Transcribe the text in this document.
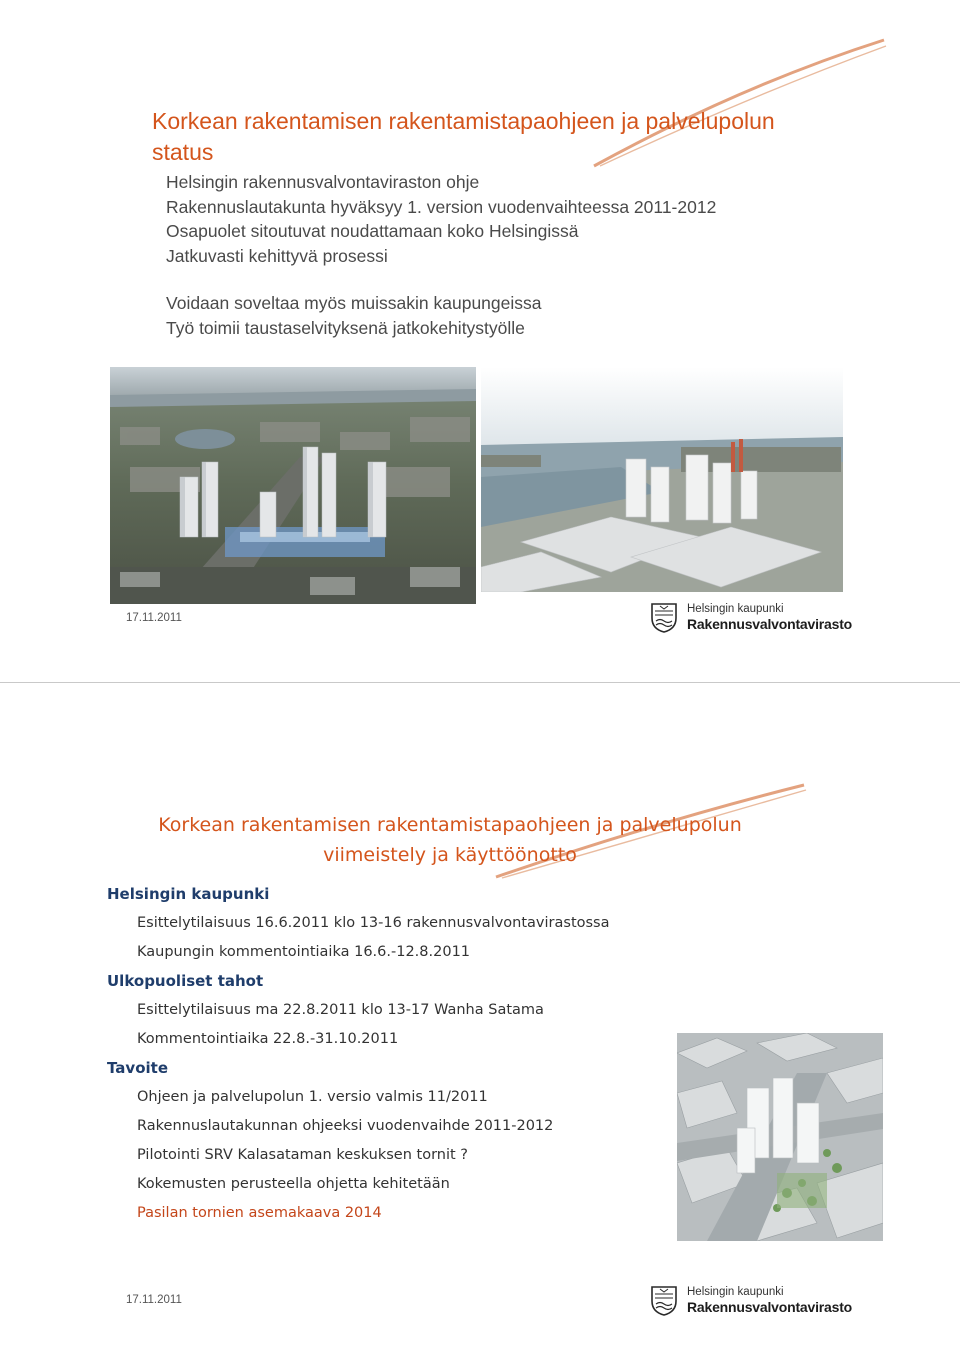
Korkean rakentamisen rakentamistapaohjeen ja palvelupolun status
Helsingin rakennusvalvontaviraston ohje
Rakennuslautakunta hyväksyy 1. version vuodenvaihteessa 2011-2012
Osapuolet sitoutuvat noudattamaan koko Helsingissä
Jatkuvasti kehittyvä prosessi
Voidaan soveltaa myös muissakin kaupungeissa
Työ toimii taustaselvityksenä jatkokehitystyölle
17.11.2011
Helsingin kaupunki
Rakennusvalvontavirasto
Korkean rakentamisen rakentamistapaohjeen ja palvelupolun
viimeistely ja käyttöönotto
Helsingin kaupunki
Esittelytilaisuus 16.6.2011 klo 13-16 rakennusvalvontavirastossa
Kaupungin kommentointiaika 16.6.-12.8.2011
Ulkopuoliset tahot
Esittelytilaisuus ma 22.8.2011 klo 13-17 Wanha Satama
Kommentointiaika 22.8.-31.10.2011
Tavoite
Ohjeen ja palvelupolun 1. versio valmis 11/2011
Rakennuslautakunnan ohjeeksi vuodenvaihde 2011-2012
Pilotointi SRV Kalasataman keskuksen tornit ?
Kokemusten perusteella ohjetta kehitetään
Pasilan tornien asemakaava 2014
17.11.2011
Helsingin kaupunki
Rakennusvalvontavirasto
